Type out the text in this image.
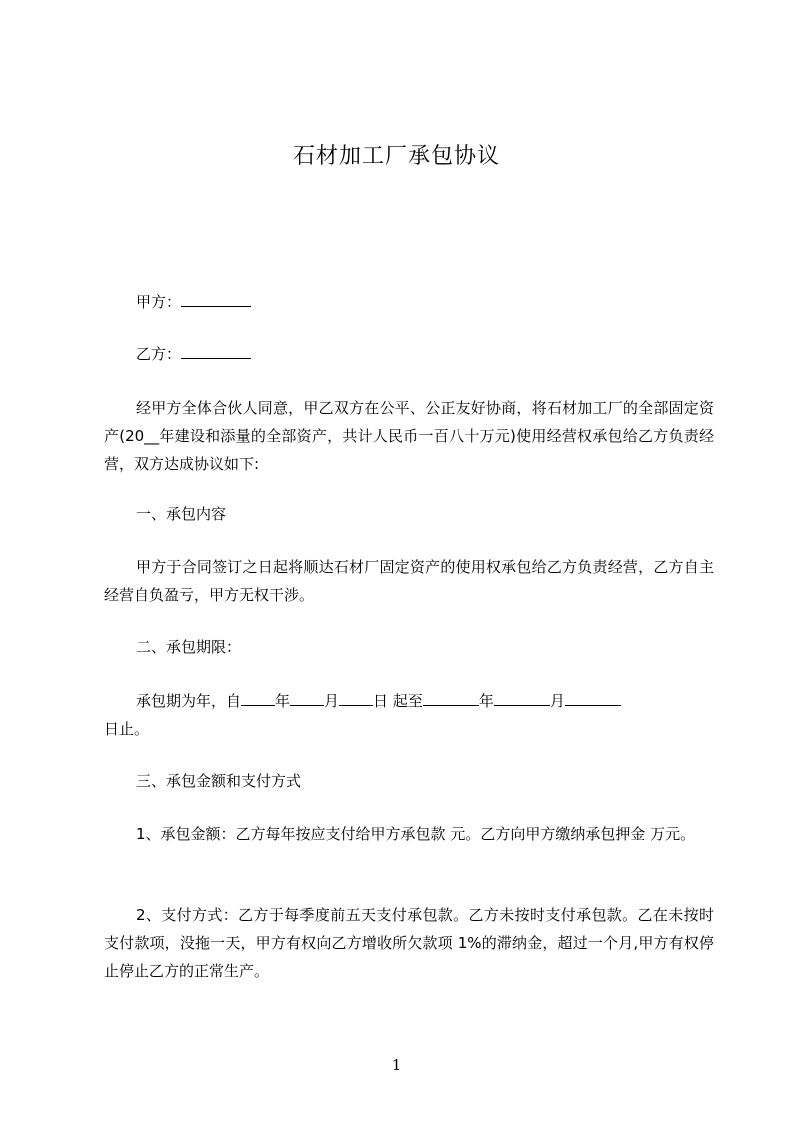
石材加工厂承包协议
甲方：
乙方：
经甲方全体合伙人同意，甲乙双方在公平、公正友好协商，将石材加工厂的全部固定资产(20__年建设和添量的全部资产，共计人民币一百八十万元)使用经营权承包给乙方负责经营，双方达成协议如下:
一、承包内容
甲方于合同签订之日起将顺达石材厂固定资产的使用权承包给乙方负责经营，乙方自主经营自负盈亏，甲方无权干涉。
二、承包期限：
承包期为年，自 年 月 日 起至	年	月
日止。
三、承包金额和支付方式
1、承包金额：乙方每年按应支付给甲方承包款 元。乙方向甲方缴纳承包押金 万元。
2、支付方式：乙方于每季度前五天支付承包款。乙方未按时支付承包款。乙在未按时支付款项，没拖一天，甲方有权向乙方增收所欠款项 1%的滞纳金，超过一个月,甲方有权停止停止乙方的正常生产。
1
